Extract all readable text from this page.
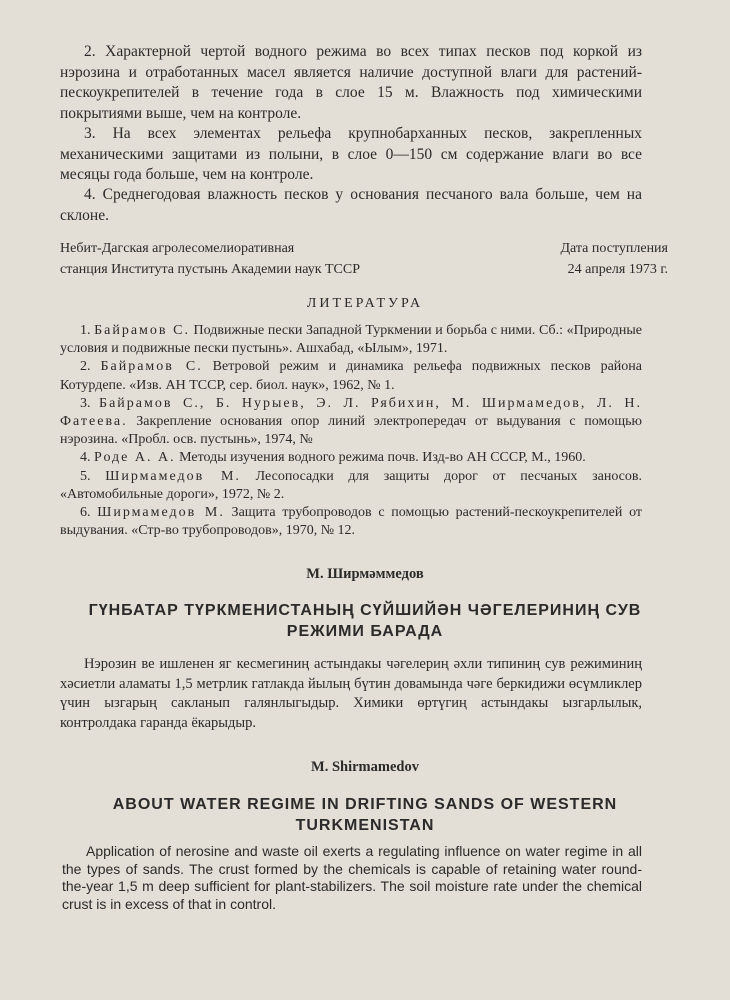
2. Характерной чертой водного режима во всех типах песков под коркой из нэрозина и отработанных масел является наличие доступной влаги для растений-пескоукрепителей в течение года в слое 15 м. Влажность под химическими покрытиями выше, чем на контроле.
3. На всех элементах рельефа крупнобарханных песков, закрепленных механическими защитами из полыни, в слое 0—150 см содержание влаги во все месяцы года больше, чем на контроле.
4. Среднегодовая влажность песков у основания песчаного вала больше, чем на склоне.
Небит-Дагская агролесомелиоративная
станция Института пустынь Академии наук ТССР
Дата поступления
24 апреля 1973 г.
ЛИТЕРАТУРА

1. Байрамов С. Подвижные пески Западной Туркмении и борьба с ними. Сб.: «Природные условия и подвижные пески пустынь». Ашхабад, «Ылым», 1971.

2. Байрамов С. Ветровой режим и динамика рельефа подвижных песков района Котурдепе. «Изв. АН ТССР, сер. биол. наук», 1962, № 1.

3. Байрамов С., Б. Нурыев, Э. Л. Рябихин, М. Ширмамедов, Л. Н. Фатеева. Закрепление основания опор линий электропередач от выдувания с помощью нэрозина. «Пробл. осв. пустынь», 1974, №

4. Роде А. А. Методы изучения водного режима почв. Изд-во АН СССР, М., 1960.

5. Ширмамедов М. Лесопосадки для защиты дорог от песчаных заносов. «Автомобильные дороги», 1972, № 2.

6. Ширмамедов М. Защита трубопроводов с помощью растений-пескоукрепителей от выдувания. «Стр-во трубопроводов», 1970, № 12.

М. Ширмәммедов
ГҮНБАТАР ТҮРКМЕНИСТАНЫҢ СҮЙШИЙӘН ЧӘГЕЛЕРИНИҢ СУВ
РЕЖИМИ БАРАДА
Нэрозин ве ишленен яг кесмегиниң астындакы чәгелериң әхли типиниң сув режиминиң хәсиетли аламаты 1,5 метрлик гатлакда йылың бүтин довамында чәге беркидижи өсүмликлер үчин ызгарың сакланып галянлыгыдыр. Химики өртүгиң астындакы ызгарлылык, контролдака гарандa ёкарыдыр.
M. Shirmamedov
ABOUT WATER REGIME IN DRIFTING SANDS OF WESTERN
TURKMENISTAN
Application of nerosine and waste oil exerts a regulating influence on water regime in all the types of sands. The crust formed by the chemicals is capable of retaining water round-the-year 1,5 m deep sufficient for plant-stabilizers. The soil moisture rate under the chemical crust is in excess of that in control.
